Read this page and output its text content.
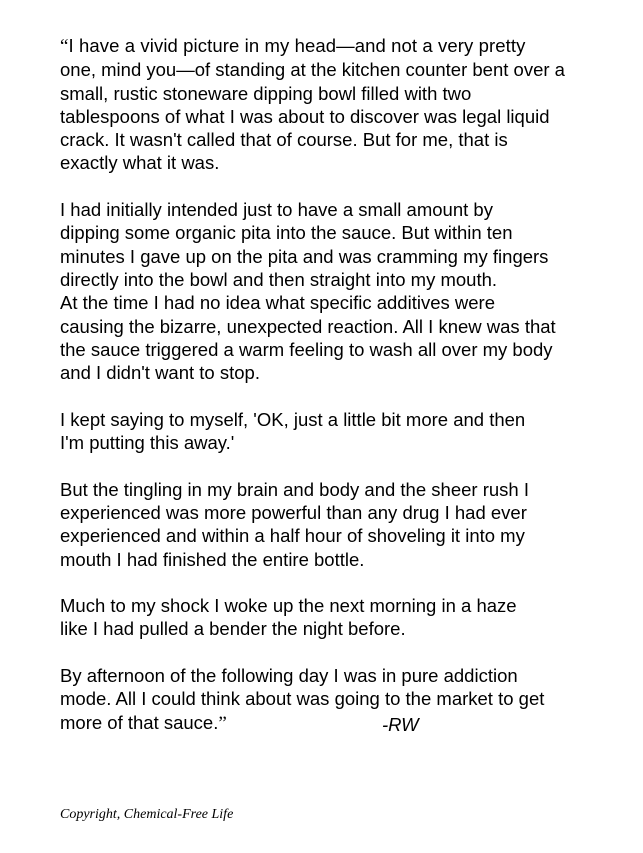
“I have a vivid picture in my head—and not a very pretty
one, mind you—of standing at the kitchen counter bent over a
small, rustic stoneware dipping bowl filled with two
tablespoons of what I was about to discover was legal liquid
crack. It wasn't called that of course. But for me, that is
exactly what it was.

I had initially intended just to have a small amount by
dipping some organic pita into the sauce. But within ten
minutes I gave up on the pita and was cramming my fingers
directly into the bowl and then straight into my mouth.
At the time I had no idea what specific additives were
causing the bizarre, unexpected reaction. All I knew was that
the sauce triggered a warm feeling to wash all over my body
and I didn't want to stop.

I kept saying to myself, 'OK, just a little bit more and then
I'm putting this away.'

But the tingling in my brain and body and the sheer rush I
experienced was more powerful than any drug I had ever
experienced and within a half hour of shoveling it into my
mouth I had finished the entire bottle.

Much to my shock I woke up the next morning in a haze
like I had pulled a bender the night before.

By afternoon of the following day I was in pure addiction
mode. All I could think about was going to the market to get
more of that sauce.”	-RW
Copyright, Chemical-Free Life
